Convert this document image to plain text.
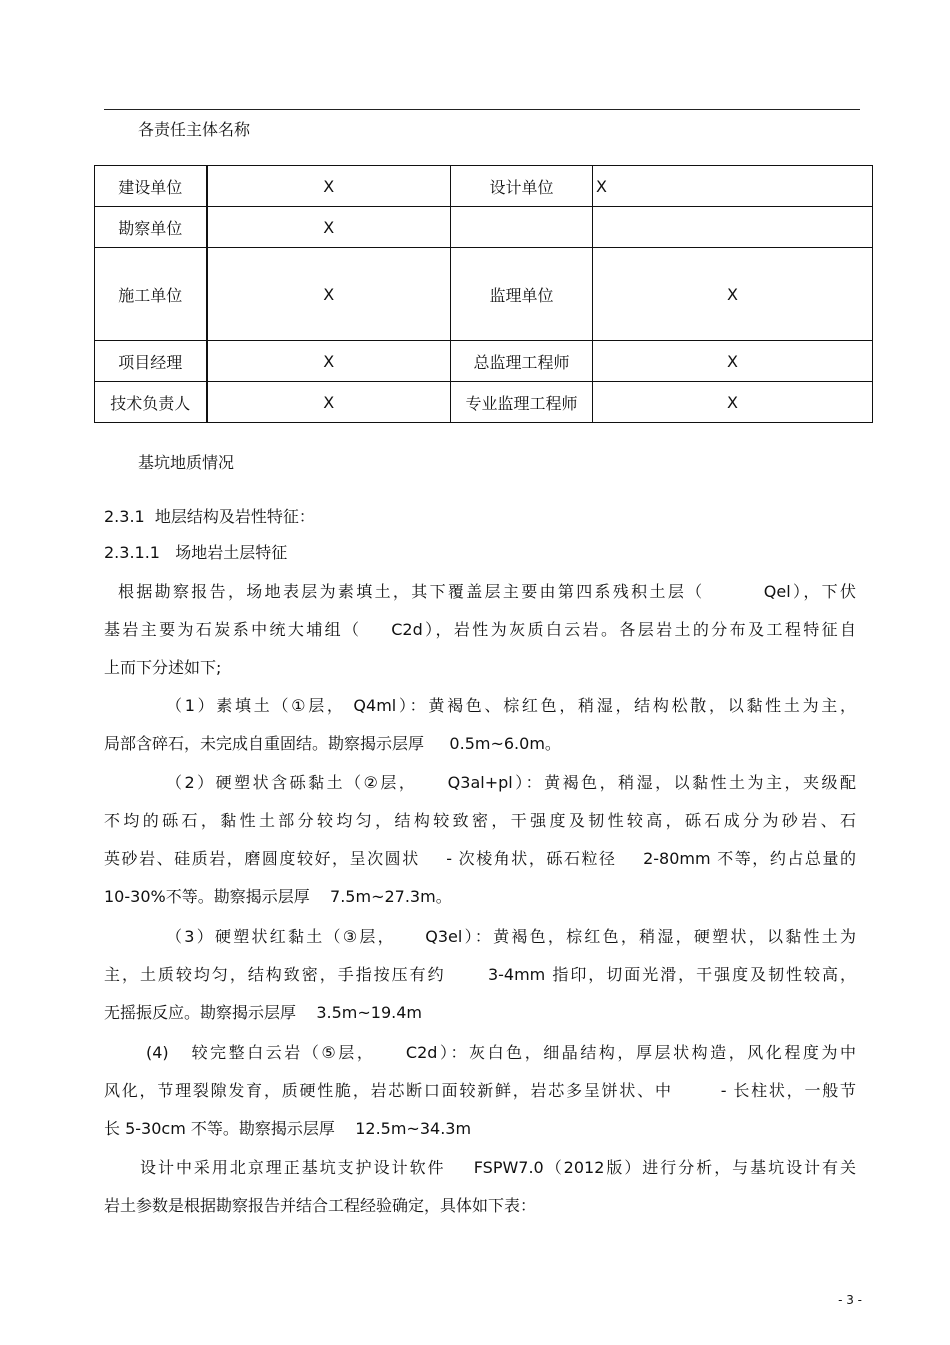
各责任主体名称
建设单位	X	设计单位	X
勘察单位	X		
施工单位	X	监理单位	X
项目经理	X	总监理工程师	X
技术负责人	X	专业监理工程师	X
基坑地质情况
2.3.1  地层结构及岩性特征：
2.3.1.1   场地岩土层特征
根据勘察报告，场地表层为素填土，其下覆盖层主要由第四系残积土层（        Qel），下伏
基岩主要为石炭系中统大埔组（    C2d），岩性为灰质白云岩。各层岩土的分布及工程特征自
上而下分述如下;
（1）素填土（①层， Q4ml）：黄褐色、棕红色，稍湿，结构松散，以黏性土为主，
局部含碎石，未完成自重固结。勘察揭示层厚     0.5m~6.0m。
（2）硬塑状含砾黏土（②层，    Q3al+pl）：黄褐色，稍湿，以黏性土为主，夹级配
不均的砾石，黏性土部分较均匀，结构较致密，干强度及韧性较高，砾石成分为砂岩、石
英砂岩、硅质岩，磨圆度较好，呈次圆状    - 次棱角状，砾石粒径    2-80mm 不等，约占总量的
10-30%不等。勘察揭示层厚    7.5m~27.3m。
（3）硬塑状红黏土（③层，    Q3el）：黄褐色，棕红色，稍湿，硬塑状，以黏性土为
主，土质较均匀，结构致密，手指按压有约      3-4mm 指印，切面光滑，干强度及韧性较高，
无摇振反应。勘察揭示层厚    3.5m~19.4m
(4)   较完整白云岩（⑤层，    C2d）：灰白色，细晶结构，厚层状构造，风化程度为中
风化，节理裂隙发育，质硬性脆，岩芯断口面较新鲜，岩芯多呈饼状、中       - 长柱状，一般节
长 5-30cm 不等。勘察揭示层厚    12.5m~34.3m
设计中采用北京理正基坑支护设计软件    FSPW7.0（2012版）进行分析，与基坑设计有关
岩土参数是根据勘察报告并结合工程经验确定，具体如下表：
- 3 -
